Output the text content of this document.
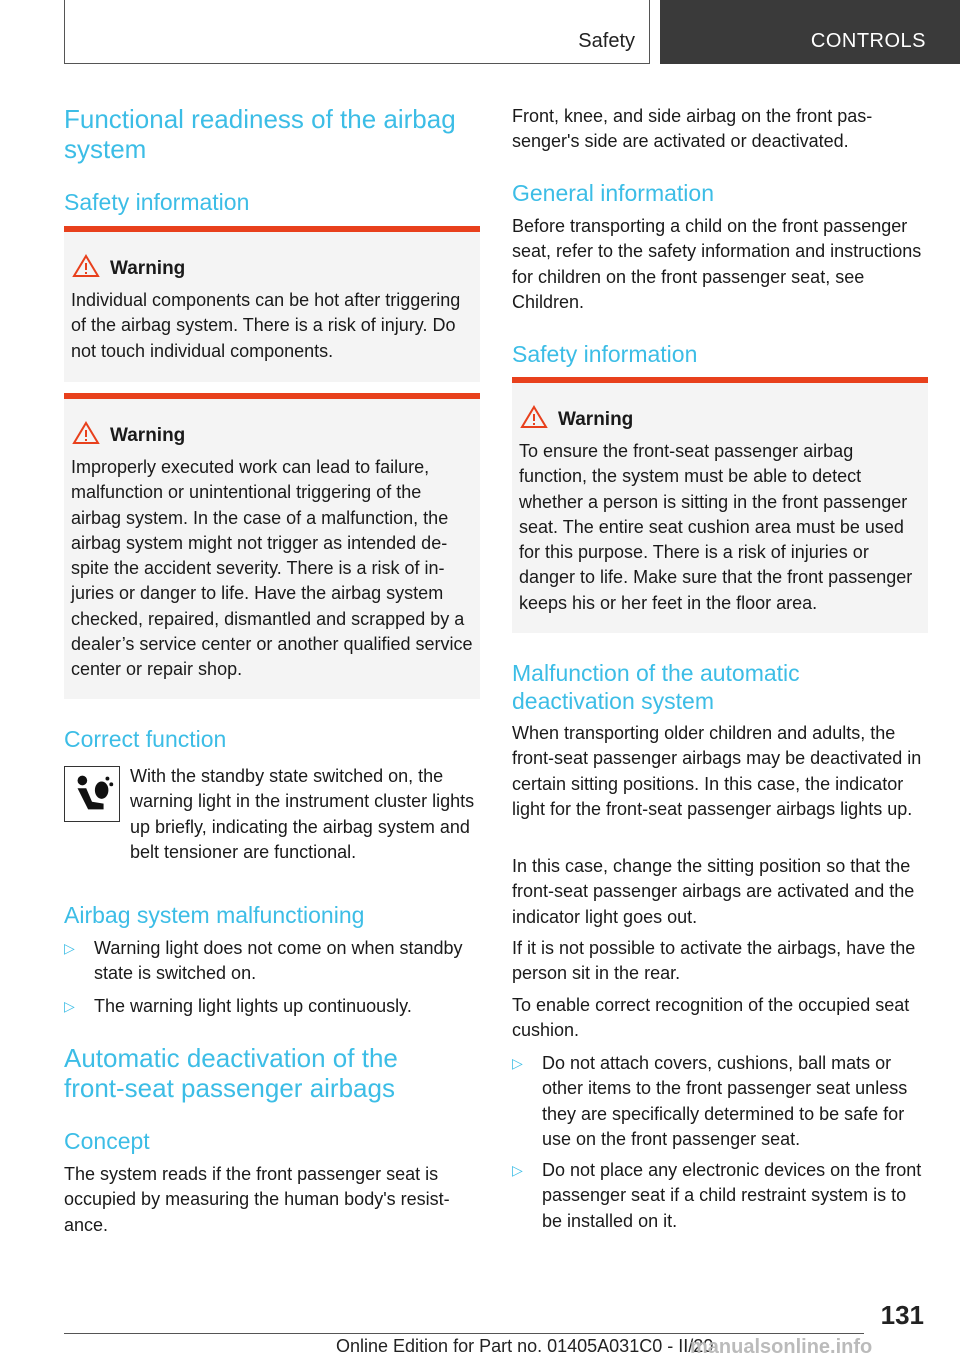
Safety	CONTROLS
Functional readiness of the airbag system
Safety information
Warning
Individual components can be hot after triggering of the airbag system. There is a risk of injury. Do not touch individual components.
Warning
Improperly executed work can lead to failure, malfunction or unintentional triggering of the airbag system. In the case of a malfunction, the airbag system might not trigger as intended despite the accident severity. There is a risk of injuries or danger to life. Have the airbag system checked, repaired, dismantled and scrapped by a dealer’s service center or another qualified service center or repair shop.
Correct function
With the standby state switched on, the warning light in the instrument cluster lights up briefly, indicating the airbag system and belt tensioner are functional.
Airbag system malfunctioning
▷ Warning light does not come on when standby state is switched on.
▷ The warning light lights up continuously.
Automatic deactivation of the front-seat passenger airbags
Concept
The system reads if the front passenger seat is occupied by measuring the human body's resistance.
Front, knee, and side airbag on the front passenger's side are activated or deactivated.
General information
Before transporting a child on the front passenger seat, refer to the safety information and instructions for children on the front passenger seat, see Children.
Safety information
Warning
To ensure the front-seat passenger airbag function, the system must be able to detect whether a person is sitting in the front passenger seat. The entire seat cushion area must be used for this purpose. There is a risk of injuries or danger to life. Make sure that the front passenger keeps his or her feet in the floor area.
Malfunction of the automatic deactivation system
When transporting older children and adults, the front-seat passenger airbags may be deactivated in certain sitting positions. In this case, the indicator light for the front-seat passenger airbags lights up.
In this case, change the sitting position so that the front-seat passenger airbags are activated and the indicator light goes out.
If it is not possible to activate the airbags, have the person sit in the rear.
To enable correct recognition of the occupied seat cushion.
▷ Do not attach covers, cushions, ball mats or other items to the front passenger seat unless they are specifically determined to be safe for use on the front passenger seat.
▷ Do not place any electronic devices on the front passenger seat if a child restraint system is to be installed on it.
131
Online Edition for Part no. 01405A031C0 - II/20
manualsonline.info
